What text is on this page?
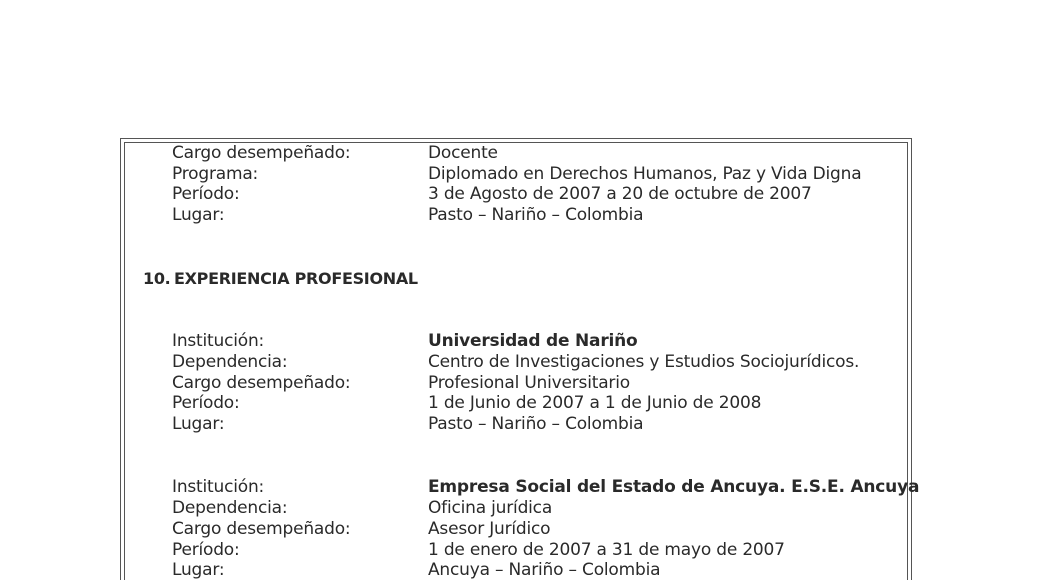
Cargo desempeñado:	Docente
Programa:	Diplomado en Derechos Humanos, Paz y Vida Digna
Período:	3 de Agosto de 2007 a 20 de octubre de 2007
Lugar:	Pasto – Nariño – Colombia
10. EXPERIENCIA PROFESIONAL
Institución:	Universidad de Nariño
Dependencia:	Centro de Investigaciones y Estudios Sociojurídicos.
Cargo desempeñado:	Profesional Universitario
Período:	1 de Junio de 2007 a 1 de Junio de 2008
Lugar:	Pasto – Nariño – Colombia
Institución:	Empresa Social del Estado de Ancuya. E.S.E. Ancuya
Dependencia:	Oficina jurídica
Cargo desempeñado:	Asesor Jurídico
Período:	1 de enero de 2007 a 31 de mayo de 2007
Lugar:	Ancuya – Nariño – Colombia
